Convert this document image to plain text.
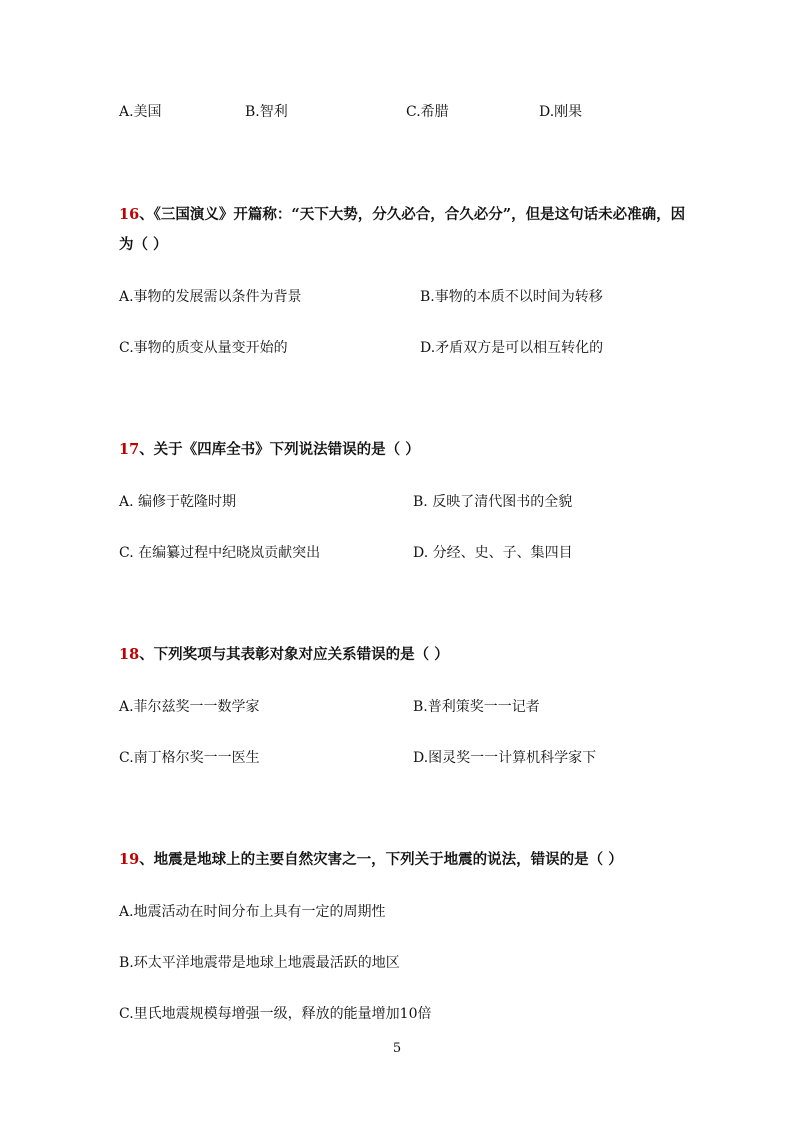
A.美国	B.智利	C.希腊	D.刚果
16、《三国演义》开篇称：“天下大势，分久必合，合久必分”，但是这句话未必准确，因
为（ ）
A.事物的发展需以条件为背景	B.事物的本质不以时间为转移
C.事物的质变从量变开始的	D.矛盾双方是可以相互转化的
17、关于《四库全书》下列说法错误的是（ ）
A. 编修于乾隆时期	B. 反映了清代图书的全貌
C. 在编纂过程中纪晓岚贡献突出	D. 分经、史、子、集四目
18、下列奖项与其表彰对象对应关系错误的是（ ）
A.菲尔兹奖一一数学家	B.普利策奖一一记者
C.南丁格尔奖一一医生	D.图灵奖一一计算机科学家下
19、地震是地球上的主要自然灾害之一，下列关于地震的说法，错误的是（ ）
A.地震活动在时间分布上具有一定的周期性
B.环太平洋地震带是地球上地震最活跃的地区
C.里氏地震规模每增强一级，释放的能量增加10倍
5
